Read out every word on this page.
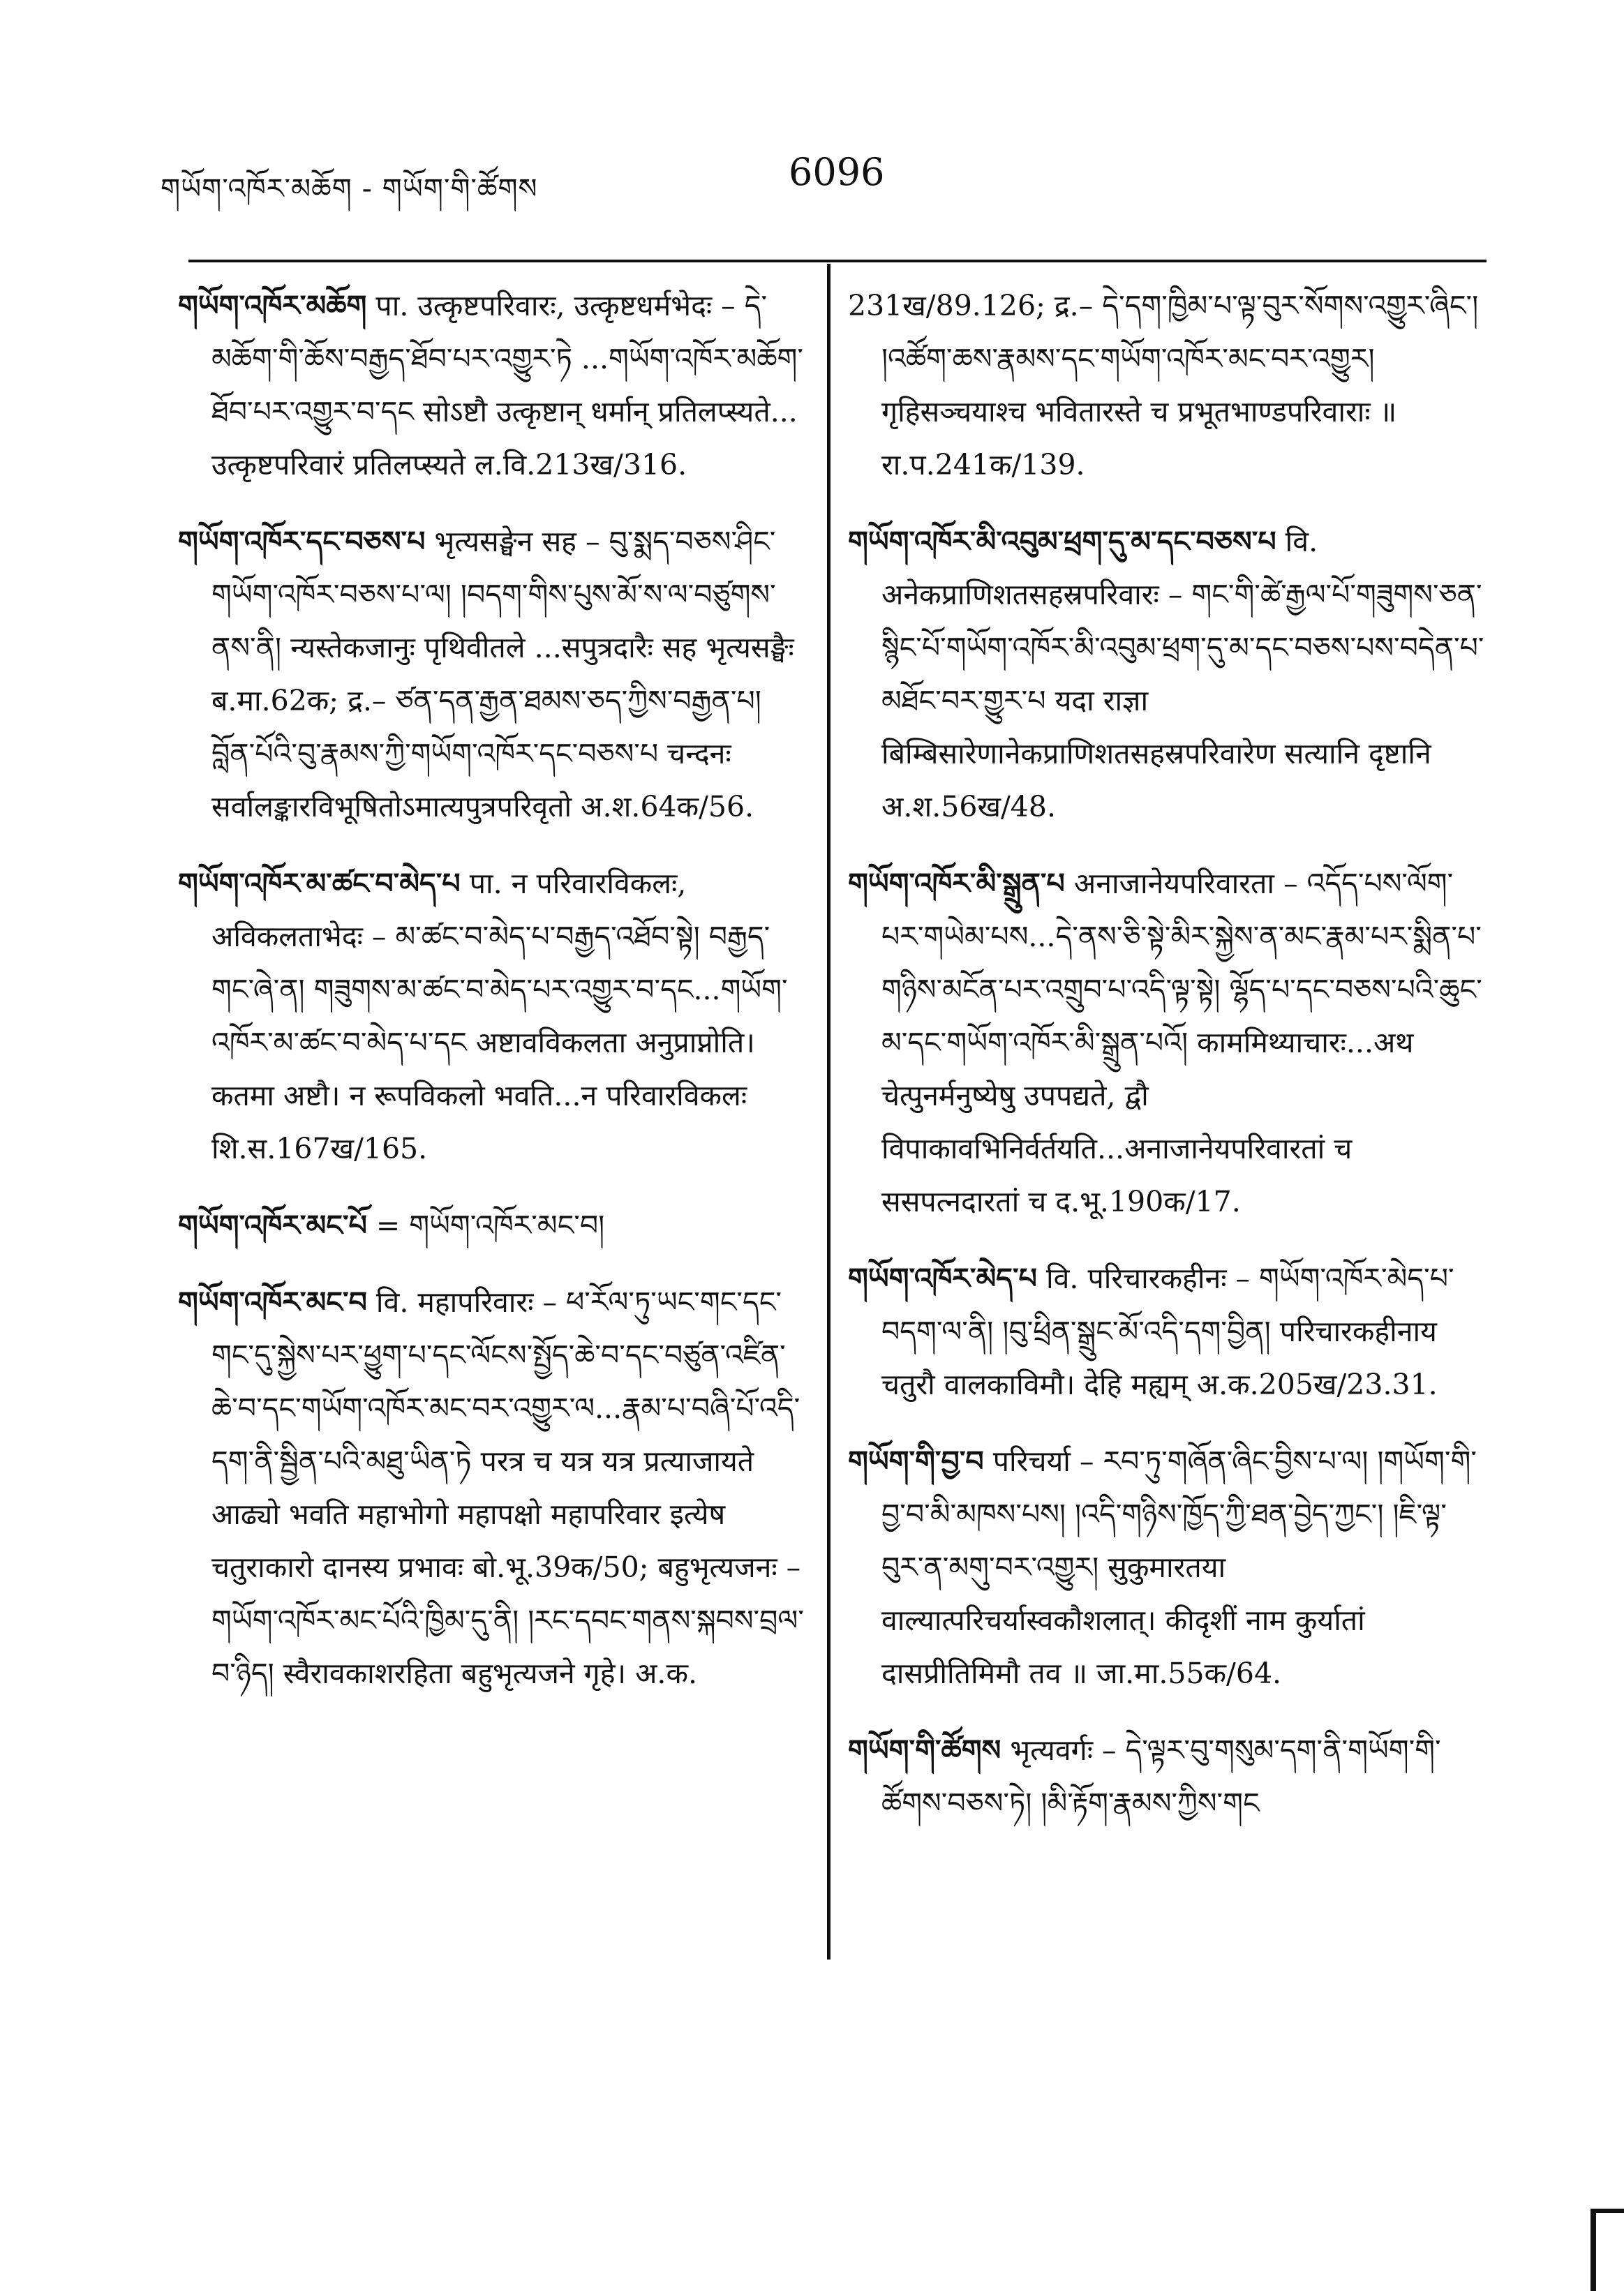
གཡོག་འཁོར་མཆོག - གཡོག་གི་ཚོགས	6096

གཡོག་འཁོར་མཆོག पा. उत्कृष्टपरिवारः, उत्कृष्टधर्मभेदः – དེ་མཆོག་གི་ཆོས་བརྒྱད་ཐོབ་པར་འགྱུར་ཏེ ...གཡོག་འཁོར་མཆོག་ཐོབ་པར་འགྱུར་བ་དང सोऽष्टौ उत्कृष्टान् धर्मान् प्रतिलप्स्यते... उत्कृष्टपरिवारं प्रतिलप्स्यते ल.वि.213ख/316.

གཡོག་འཁོར་དང་བཅས་པ भृत्यसङ्घेन सह – བུ་སྨད་བཅས་ཤིང་གཡོག་འཁོར་བཅས་པ་ལ། །བདག་གིས་པུས་མོ་ས་ལ་བཙུགས་ནས་ནི། न्यस्तेकजानुः पृथिवीतले ...सपुत्रदारैः सह भृत्यसङ्घैः ब.मा.62क; द्र.– ཙན་དན་རྒྱན་ཐམས་ཅད་ཀྱིས་བརྒྱན་པ། བློན་པོའི་བུ་རྣམས་ཀྱི་གཡོག་འཁོར་དང་བཅས་པ चन्दनः सर्वालङ्कारविभूषितोऽमात्यपुत्रपरिवृतो अ.श.64क/56.

གཡོག་འཁོར་མ་ཚང་བ་མེད་པ पा. न परिवारविकलः, अविकलताभेदः – མ་ཚང་བ་མེད་པ་བརྒྱད་འཐོབ་སྟེ། བརྒྱད་གང་ཞེ་ན། གཟུགས་མ་ཚང་བ་མེད་པར་འགྱུར་བ་དང...གཡོག་འཁོར་མ་ཚང་བ་མེད་པ་དང अष्टावविकलता अनुप्राप्नोति। कतमा अष्टौ। न रूपविकलो भवति...न परिवारविकलः शि.स.167ख/165.

གཡོག་འཁོར་མང་པོ = གཡོག་འཁོར་མང་བ།

གཡོག་འཁོར་མང་བ वि. महापरिवारः – ཕ་རོལ་ཏུ་ཡང་གང་དང་གང་དུ་སྐྱེས་པར་ཕྱུག་པ་དང་ལོངས་སྤྱོད་ཆེ་བ་དང་བཙུན་འཛིན་ཆེ་བ་དང་གཡོག་འཁོར་མང་བར་འགྱུར་ལ...རྣམ་པ་བཞི་པོ་འདི་དག་ནི་སྦྱིན་པའི་མཐུ་ཡིན་ཏེ परत्र च यत्र यत्र प्रत्याजायते आढ्यो भवति महाभोगो महापक्षो महापरिवार इत्येष चतुराकारो दानस्य प्रभावः बो.भू.39क/50; बहुभृत्यजनः – གཡོག་འཁོར་མང་པོའི་ཁྱིམ་དུ་ནི། །རང་དབང་གནས་སྐབས་བྲལ་བ་ཉིད། स्वैरावकाशरहिता बहुभृत्यजने गृहे। अ.क.

231ख/89.126; द्र.– དེ་དག་ཁྱིམ་པ་ལྟ་བུར་སོགས་འགྱུར་ཞིང་། །འཚོག་ཆས་རྣམས་དང་གཡོག་འཁོར་མང་བར་འགྱུར། गृहिसञ्चयाश्च भवितारस्ते च प्रभूतभाण्डपरिवाराः ॥ रा.प.241क/139.

གཡོག་འཁོར་མི་འབུམ་ཕྲག་དུ་མ་དང་བཅས་པ वि. अनेकप्राणिशतसहस्रपरिवारः – གང་གི་ཚེ་རྒྱལ་པོ་གཟུགས་ཅན་སྙིང་པོ་གཡོག་འཁོར་མི་འབུམ་ཕྲག་དུ་མ་དང་བཅས་པས་བདེན་པ་མཐོང་བར་གྱུར་པ यदा राज्ञा बिम्बिसारेणानेकप्राणिशतसहस्रपरिवारेण सत्यानि दृष्टानि अ.श.56ख/48.

གཡོག་འཁོར་མི་སྒྲུན་པ अनाजानेयपरिवारता – འདོད་པས་ལོག་པར་གཡེམ་པས...དེ་ནས་ཅི་སྟེ་མིར་སྐྱེས་ན་མང་རྣམ་པར་སྨིན་པ་གཉིས་མངོན་པར་འགྲུབ་པ་འདི་ལྟ་སྟེ། ལྷོད་པ་དང་བཅས་པའི་ཆུང་མ་དང་གཡོག་འཁོར་མི་སྒྲུན་པའོ། काममिथ्याचारः...अथ चेत्पुनर्मनुष्येषु उपपद्यते, द्वौ विपाकावभिनिर्वर्तयति...अनाजानेयपरिवारतां च ससपत्नदारतां च द.भू.190क/17.

གཡོག་འཁོར་མེད་པ वि. परिचारकहीनः – གཡོག་འཁོར་མེད་པ་བདག་ལ་ནི། །བུ་ཕྲིན་སྒྲུང་མོ་འདི་དག་བྱིན། परिचारकहीनाय चतुरौ वालकाविमौ। देहि मह्यम् अ.क.205ख/23.31.

གཡོག་གི་བྱ་བ परिचर्या – རབ་ཏུ་གཞོན་ཞིང་བྱིས་པ་ལ། །གཡོག་གི་བྱ་བ་མི་མཁས་པས། །འདི་གཉིས་ཁྱོད་ཀྱི་ཐན་བྱེད་ཀྱང་། །ཇི་ལྟ་བུར་ན་མགུ་བར་འགྱུར། सुकुमारतया वाल्यात्परिचर्यास्वकौशलात्। कीदृशीं नाम कुर्यातां दासप्रीतिमिमौ तव ॥ जा.मा.55क/64.

གཡོག་གི་ཚོགས भृत्यवर्गः – དེ་ལྟར་བུ་གསུམ་དག་ནི་གཡོག་གི་ཚོགས་བཅས་ཏེ། །མི་རྟོག་རྣམས་ཀྱིས་གང
